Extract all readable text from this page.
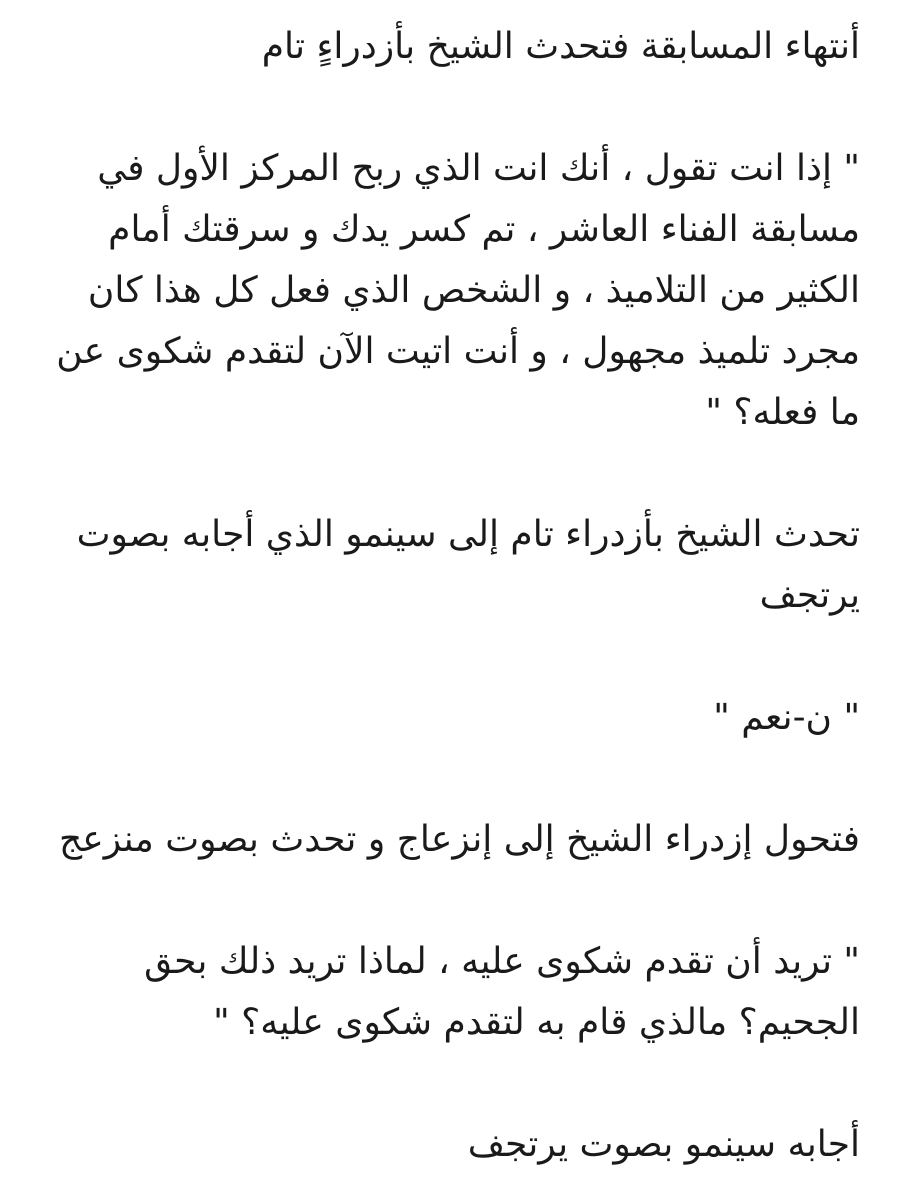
أنتهاء المسابقة فتحدث الشيخ بأزدراءٍ تام

" إذا انت تقول ، أنك انت الذي ربح المركز الأول في مسابقة الفناء العاشر ، تم كسر يدك و سرقتك أمام الكثير من التلاميذ ، و الشخص الذي فعل كل هذا كان مجرد تلميذ مجهول ، و أنت اتيت الآن لتقدم شكوى عن ما فعله؟ "

تحدث الشيخ بأزدراء تام إلى سينمو الذي أجابه بصوت يرتجف

" ن-نعم "

فتحول إزدراء الشيخ إلى إنزعاج و تحدث بصوت منزعج

" تريد أن تقدم شكوى عليه ، لماذا تريد ذلك بحق الجحيم؟ مالذي قام به لتقدم شكوى عليه؟ "

أجابه سينمو بصوت يرتجف
